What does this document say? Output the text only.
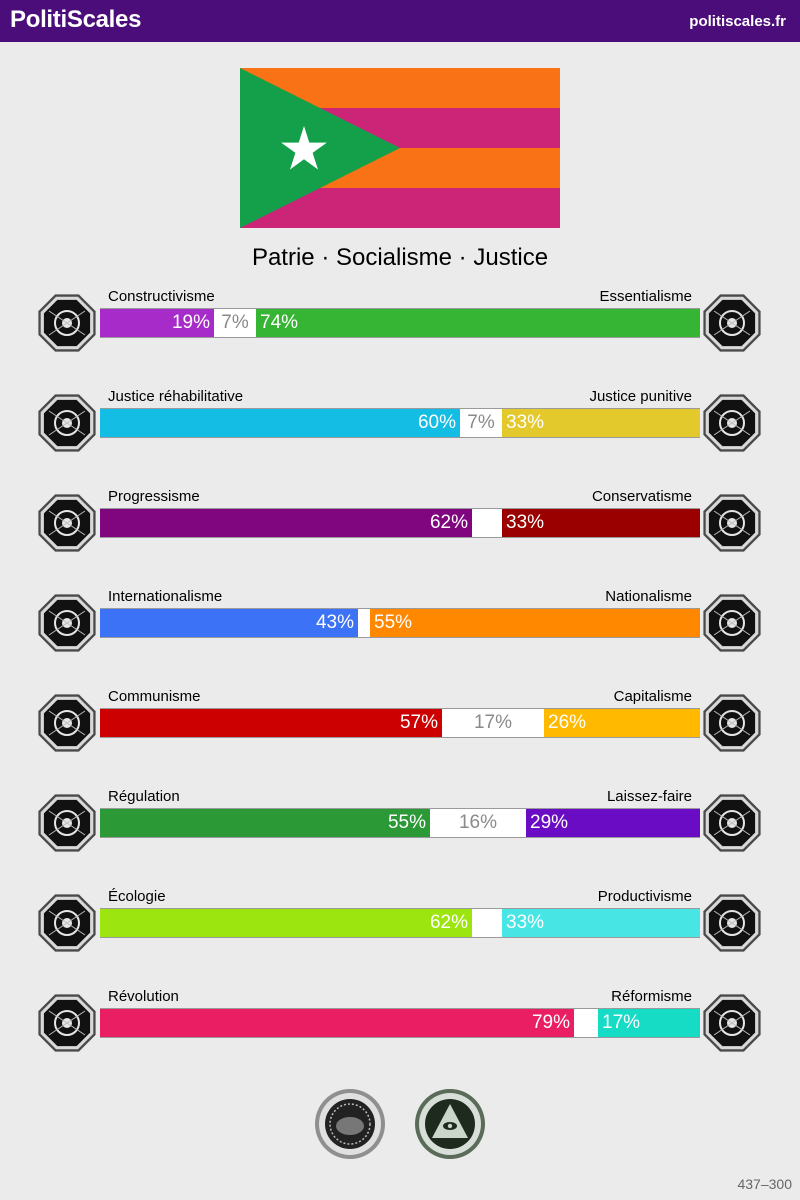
PolitiScales	politiscales.fr
Patrie · Socialisme · Justice
Constructivisme	Essentialisme
19% 7% 74%
Justice réhabilitative	Justice punitive
60% 7% 33%
Progressisme	Conservatisme
62% 33%
Internationalisme	Nationalisme
43% 55%
Communisme	Capitalisme
57%	17%	26%
Régulation	Laissez-faire
55%	16%	29%
Écologie	Productivisme
62% 33%
Révolution	Réformisme
79% 17%
437–300
